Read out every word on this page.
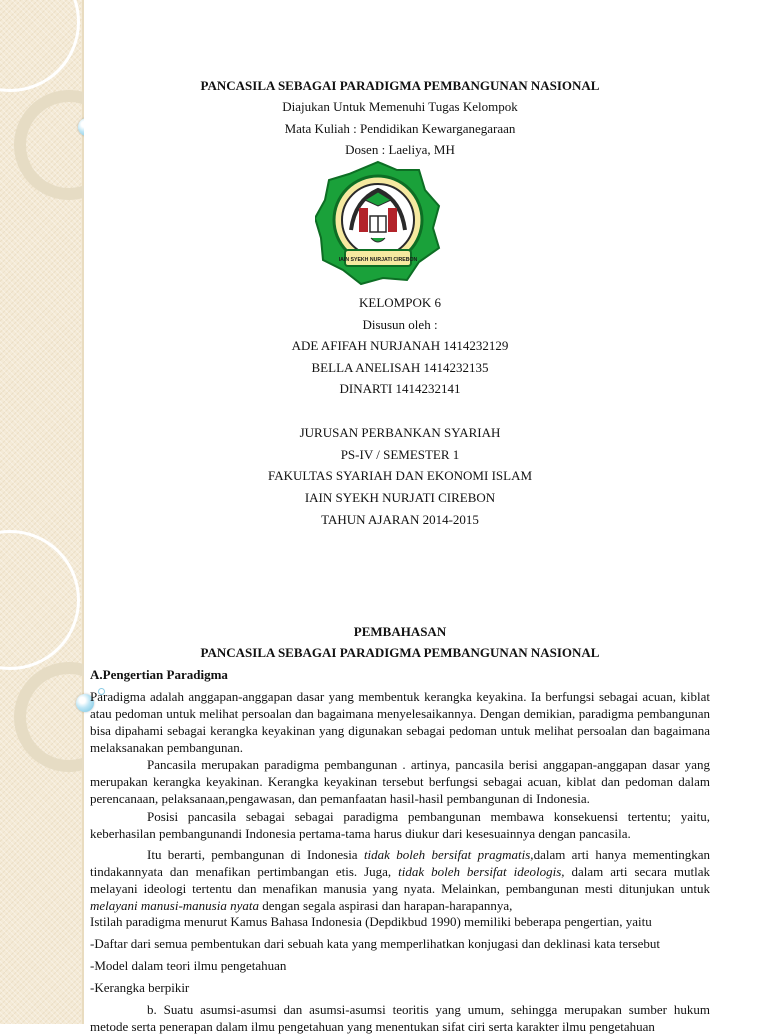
PANCASILA SEBAGAI PARADIGMA PEMBANGUNAN NASIONAL
Diajukan Untuk Memenuhi Tugas Kelompok
Mata Kuliah : Pendidikan Kewarganegaraan
Dosen : Laeliya, MH
IAIN SYEKH NURJATI CIREBON
KELOMPOK 6
Disusun oleh :
ADE AFIFAH NURJANAH 1414232129
BELLA ANELISAH 1414232135
DINARTI 1414232141
JURUSAN PERBANKAN SYARIAH
PS-IV / SEMESTER 1
FAKULTAS SYARIAH DAN EKONOMI ISLAM
IAIN SYEKH NURJATI CIREBON
TAHUN AJARAN 2014-2015
PEMBAHASAN
PANCASILA SEBAGAI PARADIGMA PEMBANGUNAN NASIONAL
A.Pengertian Paradigma
Paradigma adalah anggapan-anggapan dasar yang membentuk kerangka keyakina. Ia berfungsi sebagai acuan, kiblat atau pedoman untuk melihat persoalan dan bagaimana menyelesaikannya. Dengan demikian, paradigma pembangunan bisa dipahami sebagai kerangka keyakinan yang digunakan sebagai pedoman untuk melihat persoalan dan bagaimana melaksanakan pembangunan.
Pancasila merupakan paradigma pembangunan . artinya, pancasila berisi anggapan-anggapan dasar yang merupakan kerangka keyakinan. Kerangka keyakinan tersebut berfungsi sebagai acuan, kiblat dan pedoman dalam perencanaan, pelaksanaan,pengawasan, dan pemanfaatan hasil-hasil pembangunan di Indonesia.
Posisi pancasila sebagai sebagai paradigma pembangunan membawa konsekuensi tertentu; yaitu, keberhasilan pembangunandi Indonesia pertama-tama harus diukur dari kesesuainnya dengan pancasila.
Itu berarti, pembangunan di Indonesia tidak boleh bersifat pragmatis,dalam arti hanya mementingkan tindakannyata dan menafikan pertimbangan etis. Juga, tidak boleh bersifat ideologis, dalam arti secara mutlak melayani ideologi tertentu dan menafikan manusia yang nyata. Melainkan, pembangunan mesti ditunjukan untuk melayani manusi-manusia nyata dengan segala aspirasi dan harapan-harapannya,
Istilah paradigma menurut Kamus Bahasa Indonesia (Depdikbud 1990) memiliki beberapa pengertian, yaitu
-Daftar dari semua pembentukan dari sebuah kata yang memperlihatkan konjugasi dan deklinasi kata tersebut
-Model dalam teori ilmu pengetahuan
-Kerangka berpikir
b. Suatu asumsi-asumsi dan asumsi-asumsi teoritis yang umum, sehingga merupakan sumber hukum metode serta penerapan dalam ilmu pengetahuan yang menentukan sifat ciri serta karakter ilmu pengetahuan
